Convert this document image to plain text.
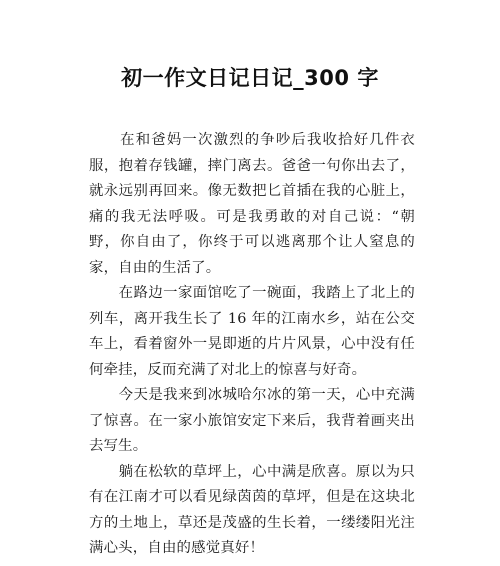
初一作文日记日记_300 字

　　在和爸妈一次激烈的争吵后我收拾好几件衣服，抱着存钱罐，摔门离去。爸爸一句你出去了，就永远别再回来。像无数把匕首插在我的心脏上，痛的我无法呼吸。可是我勇敢的对自己说：“朝野，你自由了，你终于可以逃离那个让人窒息的家，自由的生活了。

　　在路边一家面馆吃了一碗面，我踏上了北上的列车，离开我生长了 16 年的江南水乡，站在公交车上，看着窗外一晃即逝的片片风景，心中没有任何牵挂，反而充满了对北上的惊喜与好奇。

　　今天是我来到冰城哈尔冰的第一天，心中充满了惊喜。在一家小旅馆安定下来后，我背着画夹出去写生。

　　躺在松软的草坪上，心中满是欣喜。原以为只有在江南才可以看见绿茵茵的草坪，但是在这块北方的土地上，草还是茂盛的生长着，一缕缕阳光注满心头，自由的感觉真好！
